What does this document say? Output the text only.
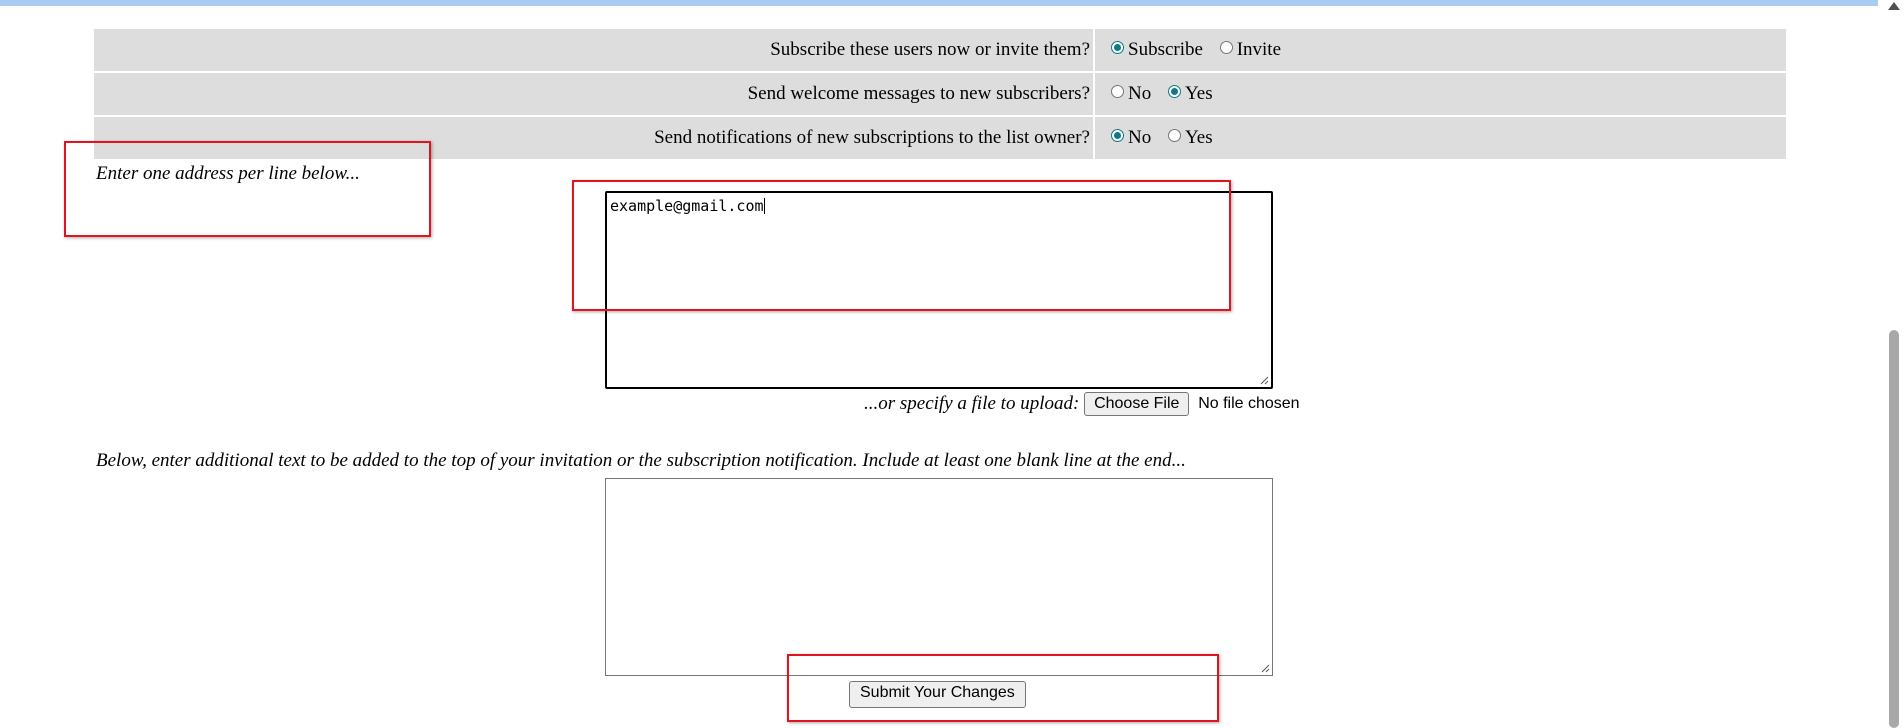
Subscribe these users now or invite them?	Subscribe Invite
Send welcome messages to new subscribers?	No Yes
Send notifications of new subscriptions to the list owner?	No Yes
Enter one address per line below...
example@gmail.com
...or specify a file to upload: Choose File No file chosen
Below, enter additional text to be added to the top of your invitation or the subscription notification. Include at least one blank line at the end...
Submit Your Changes
